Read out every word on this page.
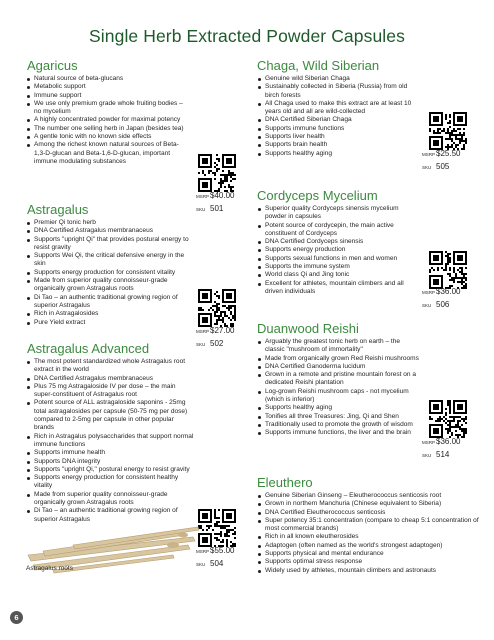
Single Herb Extracted Powder Capsules
Agaricus
Natural source of beta-glucans
Metabolic support
Immune support
We use only premium grade whole fruiting bodies – no mycelium
A highly concentrated powder for maximal potency
The number one selling herb in Japan (besides tea)
A gentle tonic with no known side effects
Among the richest known natural sources of Beta-1,3-D-glucan and Beta-1,6-D-glucan, important immune modulating substances
MSRP$40.00
SKU 501
Astragalus
Premier Qi tonic herb
DNA Certified Astragalus membranaceus
Supports "upright Qi" that provides postural energy to resist gravity
Supports Wei Qi, the critical defensive energy in the skin
Supports energy production for consistent vitality
Made from superior quality connoisseur-grade organically grown Astragalus roots
Di Tao – an authentic traditional growing region of superior Astragalus
Rich in Astragalosides
Pure Yield extract
MSRP$27.00
SKU 502
Astragalus Advanced
The most potent standardized whole Astragalus root extract in the world
DNA Certified Astragalus membranaceus
Plus 75 mg Astragaloside IV per dose – the main super-constituent of Astragalus root
Potent source of ALL astragaloside saponins - 25mg total astragalosides per capsule (50-75 mg per dose) compared to 2-5mg per capsule in other popular brands
Rich in Astragalus polysaccharides that support normal immune functions
Supports immune health
Supports DNA integrity
Supports "upright Qi," postural energy to resist gravity
Supports energy production for consistent healthy vitality
Made from superior quality connoisseur-grade organically grown Astragalus roots
Di Tao – an authentic traditional growing region of superior Astragalus
MSRP$55.00
SKU 504
Astragalus roots
Chaga, Wild Siberian
Genuine wild Siberian Chaga
Sustainably collected in Siberia (Russia) from old birch forests
All Chaga used to make this extract are at least 10 years old and all are wild-collected
DNA Certified Siberian Chaga
Supports immune functions
Supports liver health
Supports brain health
Supports healthy aging	MSRP$25.50
SKU 505
Cordyceps Mycelium
Superior quality Cordyceps sinensis mycelium powder in capsules
Potent source of cordycepin, the main active constituent of Cordyceps
DNA Certified Cordyceps sinensis
Supports energy production
Supports sexual functions in men and women
Supports the immune system
World class Qi and Jing tonic
Excellent for athletes, mountain climbers and all driven individuals	MSRP$36.00
SKU 506
Duanwood Reishi
Arguably the greatest tonic herb on earth – the classic "mushroom of immortality"
Made from organically grown Red Reishi mushrooms
DNA Certified Ganoderma lucidum
Grown in a remote and pristine mountain forest on a dedicated Reishi plantation
Log-grown Reishi mushroom caps - not mycelium (which is inferior)
Supports healthy aging
Tonifies all three Treasures: Jing, Qi and Shen
Traditionally used to promote the growth of wisdom
Supports immune functions, the liver and the brain
MSRP$36.00
SKU 514
Eleuthero
Genuine Siberian Ginseng – Eleutherococcus senticosis root
Grown in northern Manchuria (Chinese equivalent to Siberia)
DNA Certified Eleutherococcus senticosis
Super potency 35:1 concentration (compare to cheap 5:1 concentration of most commercial brands)
Rich in all known eleutherosides
Adaptogen (often named as the world's strongest adaptogen)
Supports physical and mental endurance
Supports optimal stress response
Widely used by athletes, mountain climbers and astronauts
6
